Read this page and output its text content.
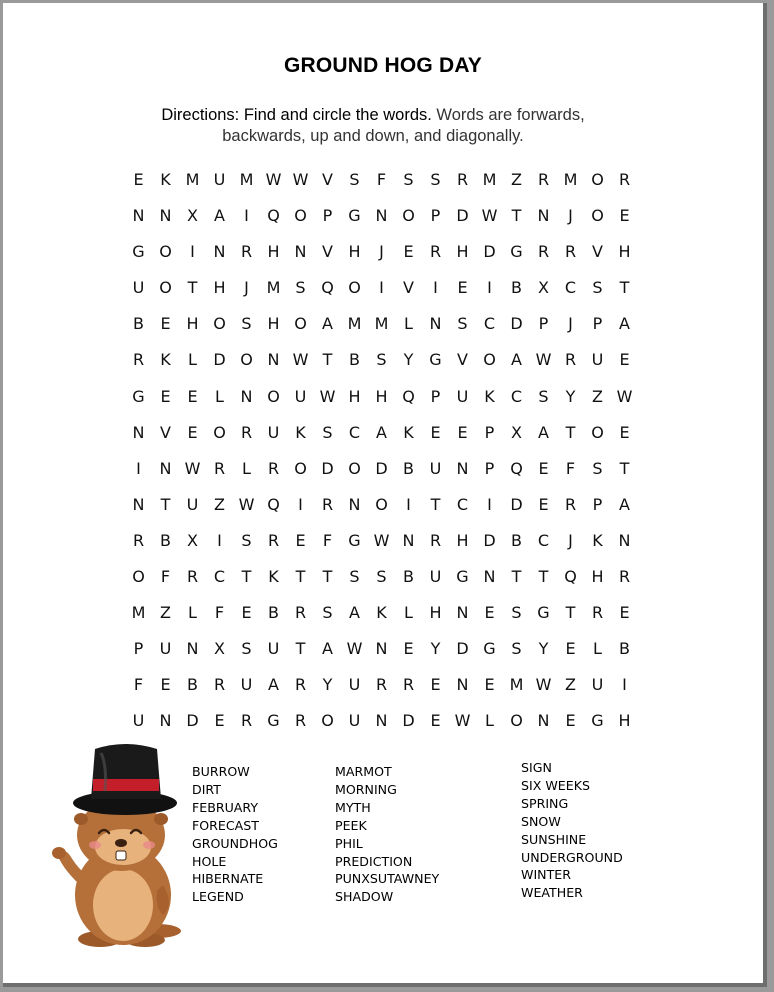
GROUND HOG DAY
Directions: Find and circle the words. Words are forwards,
backwards, up and down, and diagonally.
E	K M U M W W V	S	F	S	S	R M Z R M O R
N N X	A	I	Q O P G N O P	D W T	N	J	O E
G O	I	N R H N V H	J	E	R H D G R R V H
U O T	H	J	M S Q O	I	V	I	E	I	B	X C	S	T
B	E H O S H O A M M L	N S	C D	P	J	P	A
R	K	L	D O N W T	B	S	Y G V O A W R U	E
G E	E	L	N O U W H H Q P	U K	C	S	Y	Z W
N V	E O R U K	S	C A	K	E	E	P	X	A	T O E
I	N W R	L	R O D O D B U N	P Q E	F	S	T
N	T	U Z W Q	I	R N O	I	T	C	I	D E	R	P	A
R B	X	I	S	R	E	F	G W N R H D B C	J	K N
O	F	R C	T	K	T	T	S	S	B U G N	T	T Q H R
M Z	L	F	E	B R	S	A	K	L	H N E	S G T	R	E
P	U N X	S	U	T	A W N E	Y D G S	Y	E	L	B
F	E	B R U A R	Y	U R R	E N E M W Z U	I
U N D E	R G R O U N D E W L	O N E G H
BURROW
DIRT
FEBRUARY
FORECAST
GROUNDHOG
HOLE
HIBERNATE
LEGEND
MARMOT
MORNING
MYTH
PEEK
PHIL
PREDICTION
PUNXSUTAWNEY
SHADOW
SIGN
SIX WEEKS
SPRING
SNOW
SUNSHINE
UNDERGROUND
WINTER
WEATHER
